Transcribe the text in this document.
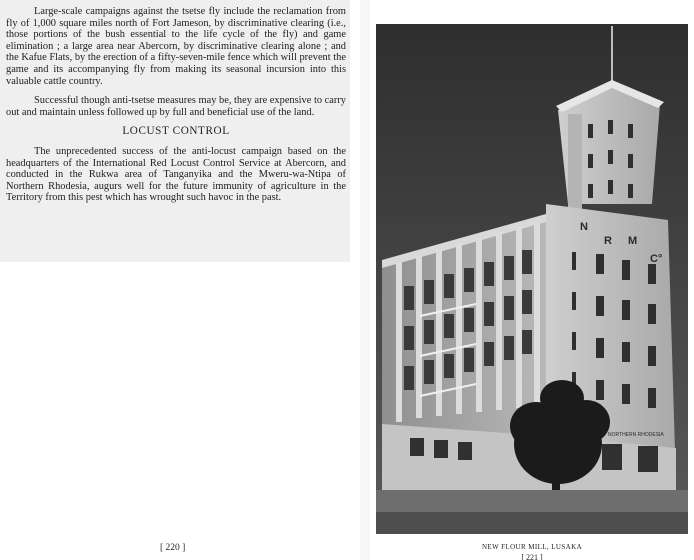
Large-scale campaigns against the tsetse fly include the reclamation from fly of 1,000 square miles north of Fort Jameson, by discriminative clearing (i.e., those portions of the bush essential to the life cycle of the fly) and game elimination ; a large area near Abercorn, by discriminative clearing alone ; and the Kafue Flats, by the erection of a fifty-seven-mile fence which will prevent the game and its accompanying fly from making its seasonal incursion into this valuable cattle country.

Successful though anti-tsetse measures may be, they are expensive to carry out and maintain unless followed up by full and beneficial use of the land.

LOCUST CONTROL

The unprecedented success of the anti-locust campaign based on the headquarters of the International Red Locust Control Service at Abercorn, and conducted in the Rukwa area of Tanganyika and the Mweru-wa-Ntipa of Northern Rhodesia, augurs well for the future immunity of agriculture in the Territory from this pest which has wrought such havoc in the past.

[ 220 ]
N
R M
C°
NORTHERN RHODESIA
NEW FLOUR MILL, LUSAKA
[ 221 ]
